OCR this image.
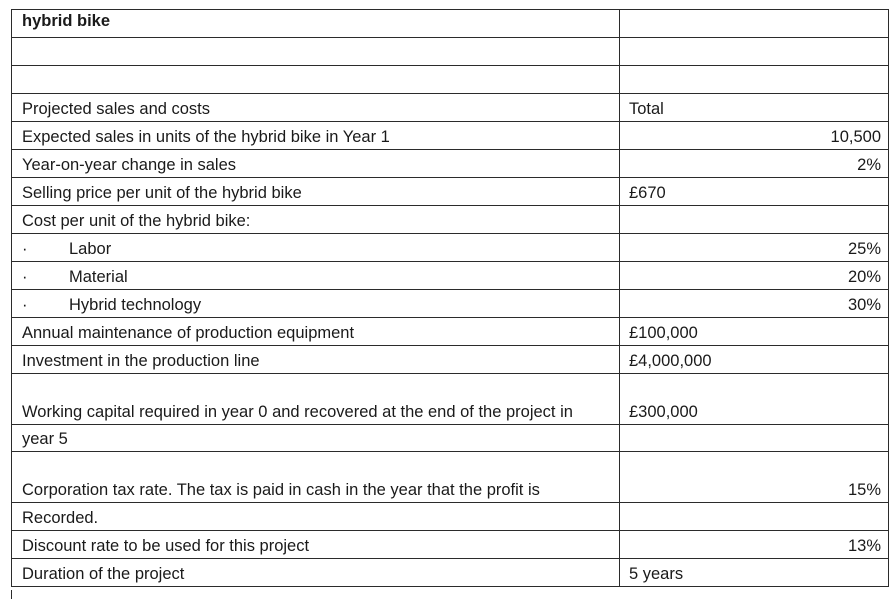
hybrid bike	

Projected sales and costs	Total
Expected sales in units of the hybrid bike in Year 1	10,500
Year-on-year change in sales	2%
Selling price per unit of the hybrid bike	£670
Cost per unit of the hybrid bike:	
· Labor	25%
· Material	20%
· Hybrid technology	30%
Annual maintenance of production equipment	£100,000
Investment in the production line	£4,000,000
Working capital required in year 0 and recovered at the end of the project in	£300,000
year 5	
Corporation tax rate. The tax is paid in cash in the year that the profit is	15%
Recorded.	
Discount rate to be used for this project	13%
Duration of the project	5 years
